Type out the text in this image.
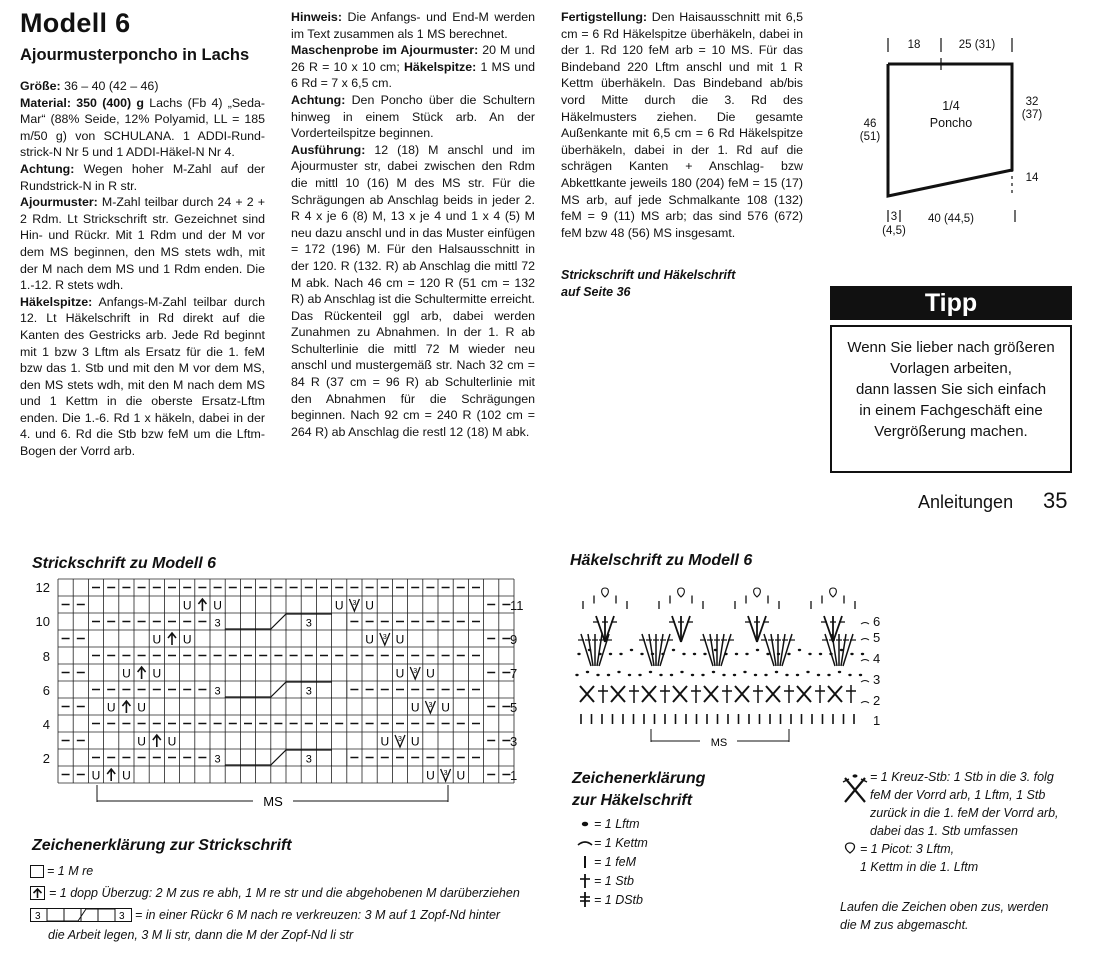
Modell 6
Ajourmusterponcho in Lachs

Größe: 36 – 40 (42 – 46)

Material: 350 (400) g Lachs (Fb 4) „Seda-Mar“ (88% Seide, 12% Polyamid, LL = 185 m/50 g) von SCHULANA. 1 ADDI-Rund-strick-N Nr 5 und 1 ADDI-Häkel-N Nr 4.

Achtung: Wegen hoher M-Zahl auf der Rundstrick-N in R str.

Ajourmuster: M-Zahl teilbar durch 24 + 2 + 2 Rdm. Lt Strickschrift str. Gezeichnet sind Hin- und Rückr. Mit 1 Rdm und der M vor dem MS beginnen, den MS stets wdh, mit der M nach dem MS und 1 Rdm enden. Die 1.-12. R stets wdh.

Häkelspitze: Anfangs-M-Zahl teilbar durch 12. Lt Häkelschrift in Rd direkt auf die Kanten des Gestricks arb. Jede Rd beginnt mit 1 bzw 3 Lftm als Ersatz für die 1. feM bzw das 1. Stb und mit den M vor dem MS, den MS stets wdh, mit den M nach dem MS und 1 Kettm in die oberste Ersatz-Lftm enden. Die 1.-6. Rd 1 x häkeln, dabei in der 4. und 6. Rd die Stb bzw feM um die Lftm-Bogen der Vorrd arb.

Hinweis: Die Anfangs- und End-M werden im Text zusammen als 1 MS berechnet.

Maschenprobe im Ajourmuster: 20 M und 26 R = 10 x 10 cm; Häkelspitze: 1 MS und 6 Rd = 7 x 6,5 cm.

Achtung: Den Poncho über die Schultern hinweg in einem Stück arb. An der Vorderteilspitze beginnen.

Ausführung: 12 (18) M anschl und im Ajourmuster str, dabei zwischen den Rdm die mittl 10 (16) M des MS str. Für die Schrägungen ab Anschlag beids in jeder 2. R 4 x je 6 (8) M, 13 x je 4 und 1 x 4 (5) M neu dazu anschl und in das Muster einfügen = 172 (196) M. Für den Halsausschnitt in der 120. R (132. R) ab Anschlag die mittl 72 M abk. Nach 46 cm = 120 R (51 cm = 132 R) ab Anschlag ist die Schultermitte erreicht. Das Rückenteil ggl arb, dabei werden Zunahmen zu Abnahmen. In der 1. R ab Schulterlinie die mittl 72 M wieder neu anschl und mustergemäß str. Nach 32 cm = 84 R (37 cm = 96 R) ab Schulterlinie mit den Abnahmen für die Schrägungen beginnen. Nach 92 cm = 240 R (102 cm = 264 R) ab Anschlag die restl 12 (18) M abk.

Fertigstellung: Den Haisausschnitt mit 6,5 cm = 6 Rd Häkelspitze überhäkeln, dabei in der 1. Rd 120 feM arb = 10 MS. Für das Bindeband 220 Lftm anschl und mit 1 R Kettm überhäkeln. Das Bindeband ab/bis vord Mitte durch die 3. Rd des Häkelmusters ziehen. Die gesamte Außenkante mit 6,5 cm = 6 Rd Häkelspitze überhäkeln, dabei in der 1. Rd auf die schrägen Kanten + Anschlag- bzw Abkettkante jeweils 180 (204) feM = 15 (17) MS arb, auf jede Schmalkante 108 (132) feM = 9 (11) MS arb; das sind 576 (672) feM bzw 48 (56) MS insgesamt.

Strickschrift und Häkelschrift
auf Seite 36
18	25 (31)
1/4
Poncho
46
(51)
32
(37)
14
3
(4,5)
40 (44,5)
Tipp
Wenn Sie lieber nach größeren
Vorlagen arbeiten,
dann lassen Sie sich einfach
in einem Fachgeschäft eine
Vergrößerung machen.
Anleitungen 35
Strickschrift zu Modell 6
U U	U 3 U
U U	U 3 U
U U	U 3 U
U U	U 3 U
U U	U 3 U
U U	U 3 U
3	3
3	3
3	3
12
10
8
6
4
2
11
9
7
5
3
1
MS
Häkelschrift zu Modell 6
6
5
4
3
2
1
MS
Zeichenerklärung zur Strickschrift
= 1 M re
= 1 dopp Überzug: 2 M zus re abh, 1 M re str und die abgehobenen M darüberziehen
3	3 = in einer Rückr 6 M nach re verkreuzen: 3 M auf 1 Zopf-Nd hinter
die Arbeit legen, 3 M li str, dann die M der Zopf-Nd li str
Zeichenerklärung
zur Häkelschrift
= 1 Lftm
= 1 Kettm
= 1 feM
= 1 Stb
= 1 DStb
= 1 Kreuz-Stb: 1 Stb in die 3. folg
feM der Vorrd arb, 1 Lftm, 1 Stb
zurück in die 1. feM der Vorrd arb,
dabei das 1. Stb umfassen
= 1 Picot: 3 Lftm,
1 Kettm in die 1. Lftm
Laufen die Zeichen oben zus, werden
die M zus abgemascht.
